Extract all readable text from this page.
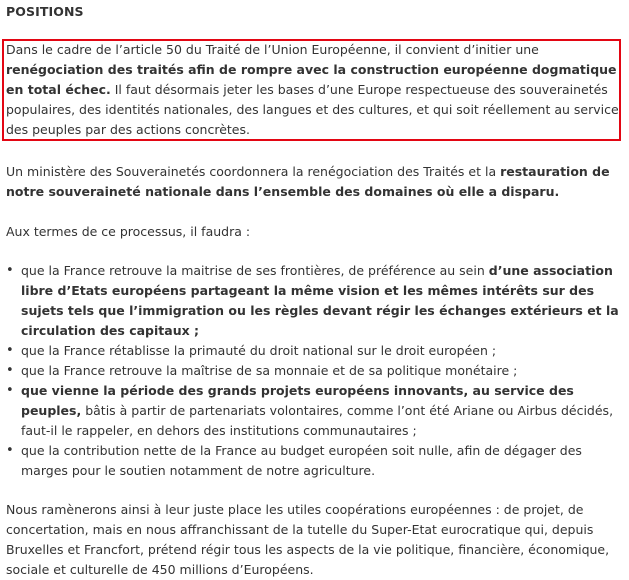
POSITIONS

Dans le cadre de l’article 50 du Traité de l’Union Européenne, il convient d’initier une renégociation des traités afin de rompre avec la construction européenne dogmatique en total échec. Il faut désormais jeter les bases d’une Europe respectueuse des souverainetés populaires, des identités nationales, des langues et des cultures, et qui soit réellement au service des peuples par des actions concrètes.

Un ministère des Souverainetés coordonnera la renégociation des Traités et la restauration de notre souveraineté nationale dans l’ensemble des domaines où elle a disparu.

Aux termes de ce processus, il faudra :

• que la France retrouve la maitrise de ses frontières, de préférence au sein d’une association libre d’Etats européens partageant la même vision et les mêmes intérêts sur des sujets tels que l’immigration ou les règles devant régir les échanges extérieurs et la circulation des capitaux ;
• que la France rétablisse la primauté du droit national sur le droit européen ;
• que la France retrouve la maîtrise de sa monnaie et de sa politique monétaire ;
• que vienne la période des grands projets européens innovants, au service des peuples, bâtis à partir de partenariats volontaires, comme l’ont été Ariane ou Airbus décidés, faut-il le rappeler, en dehors des institutions communautaires ;
• que la contribution nette de la France au budget européen soit nulle, afin de dégager des marges pour le soutien notamment de notre agriculture.

Nous ramènerons ainsi à leur juste place les utiles coopérations européennes : de projet, de concertation, mais en nous affranchissant de la tutelle du Super-Etat eurocratique qui, depuis Bruxelles et Francfort, prétend régir tous les aspects de la vie politique, financière, économique, sociale et culturelle de 450 millions d’Européens.
